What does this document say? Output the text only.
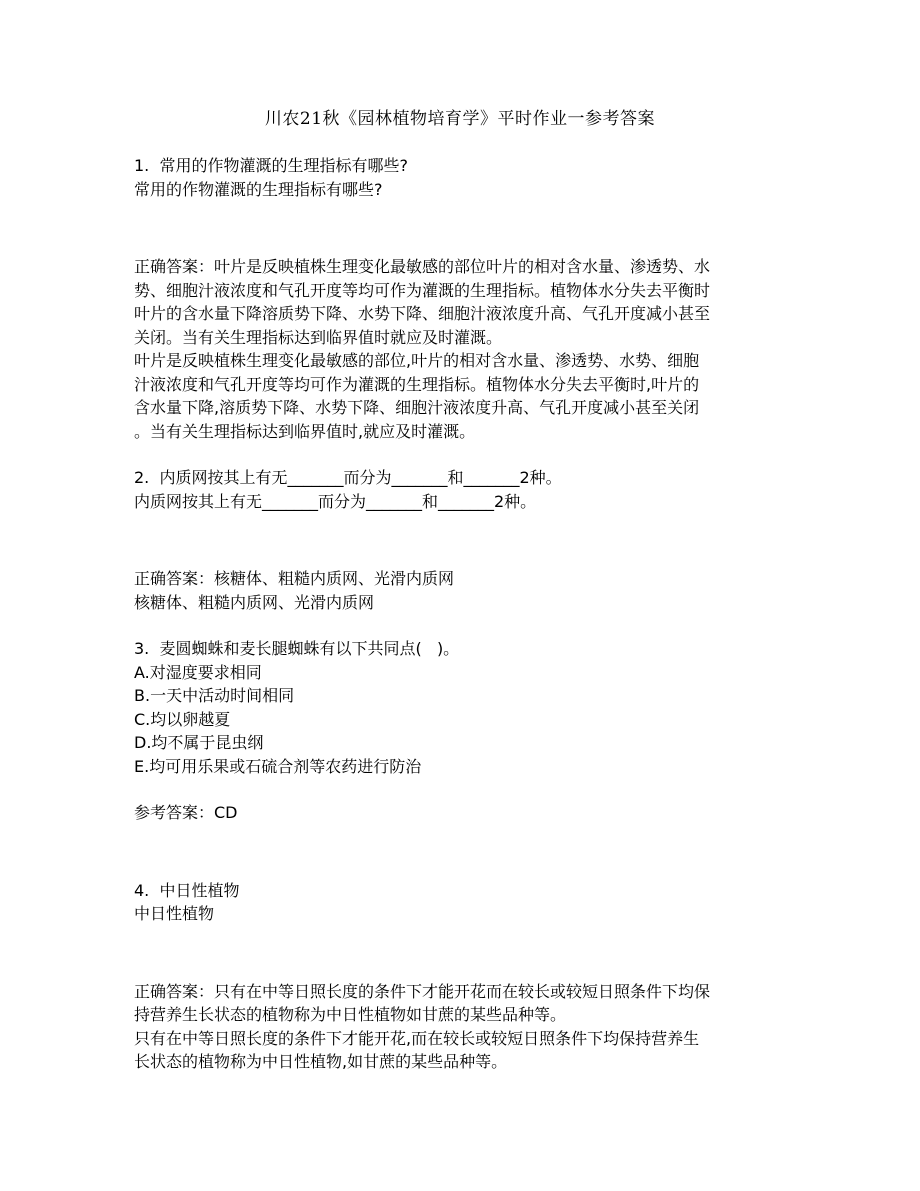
川农21秋《园林植物培育学》平时作业一参考答案
1.  常用的作物灌溉的生理指标有哪些?
常用的作物灌溉的生理指标有哪些?
正确答案：叶片是反映植株生理变化最敏感的部位叶片的相对含水量、渗透势、水
势、细胞汁液浓度和气孔开度等均可作为灌溉的生理指标。植物体水分失去平衡时
叶片的含水量下降溶质势下降、水势下降、细胞汁液浓度升高、气孔开度减小甚至
关闭。当有关生理指标达到临界值时就应及时灌溉。
叶片是反映植株生理变化最敏感的部位,叶片的相对含水量、渗透势、水势、细胞
汁液浓度和气孔开度等均可作为灌溉的生理指标。植物体水分失去平衡时,叶片的
含水量下降,溶质势下降、水势下降、细胞汁液浓度升高、气孔开度减小甚至关闭
。当有关生理指标达到临界值时,就应及时灌溉。
2.  内质网按其上有无_______而分为_______和_______2种。
内质网按其上有无_______而分为_______和_______2种。
正确答案：核糖体、粗糙内质网、光滑内质网
核糖体、粗糙内质网、光滑内质网
3.  麦圆蜘蛛和麦长腿蜘蛛有以下共同点(   )。
A.对湿度要求相同
B.一天中活动时间相同
C.均以卵越夏
D.均不属于昆虫纲
E.均可用乐果或石硫合剂等农药进行防治
参考答案：CD
4.  中日性植物
中日性植物
正确答案：只有在中等日照长度的条件下才能开花而在较长或较短日照条件下均保
持营养生长状态的植物称为中日性植物如甘蔗的某些品种等。
只有在中等日照长度的条件下才能开花,而在较长或较短日照条件下均保持营养生
长状态的植物称为中日性植物,如甘蔗的某些品种等。
